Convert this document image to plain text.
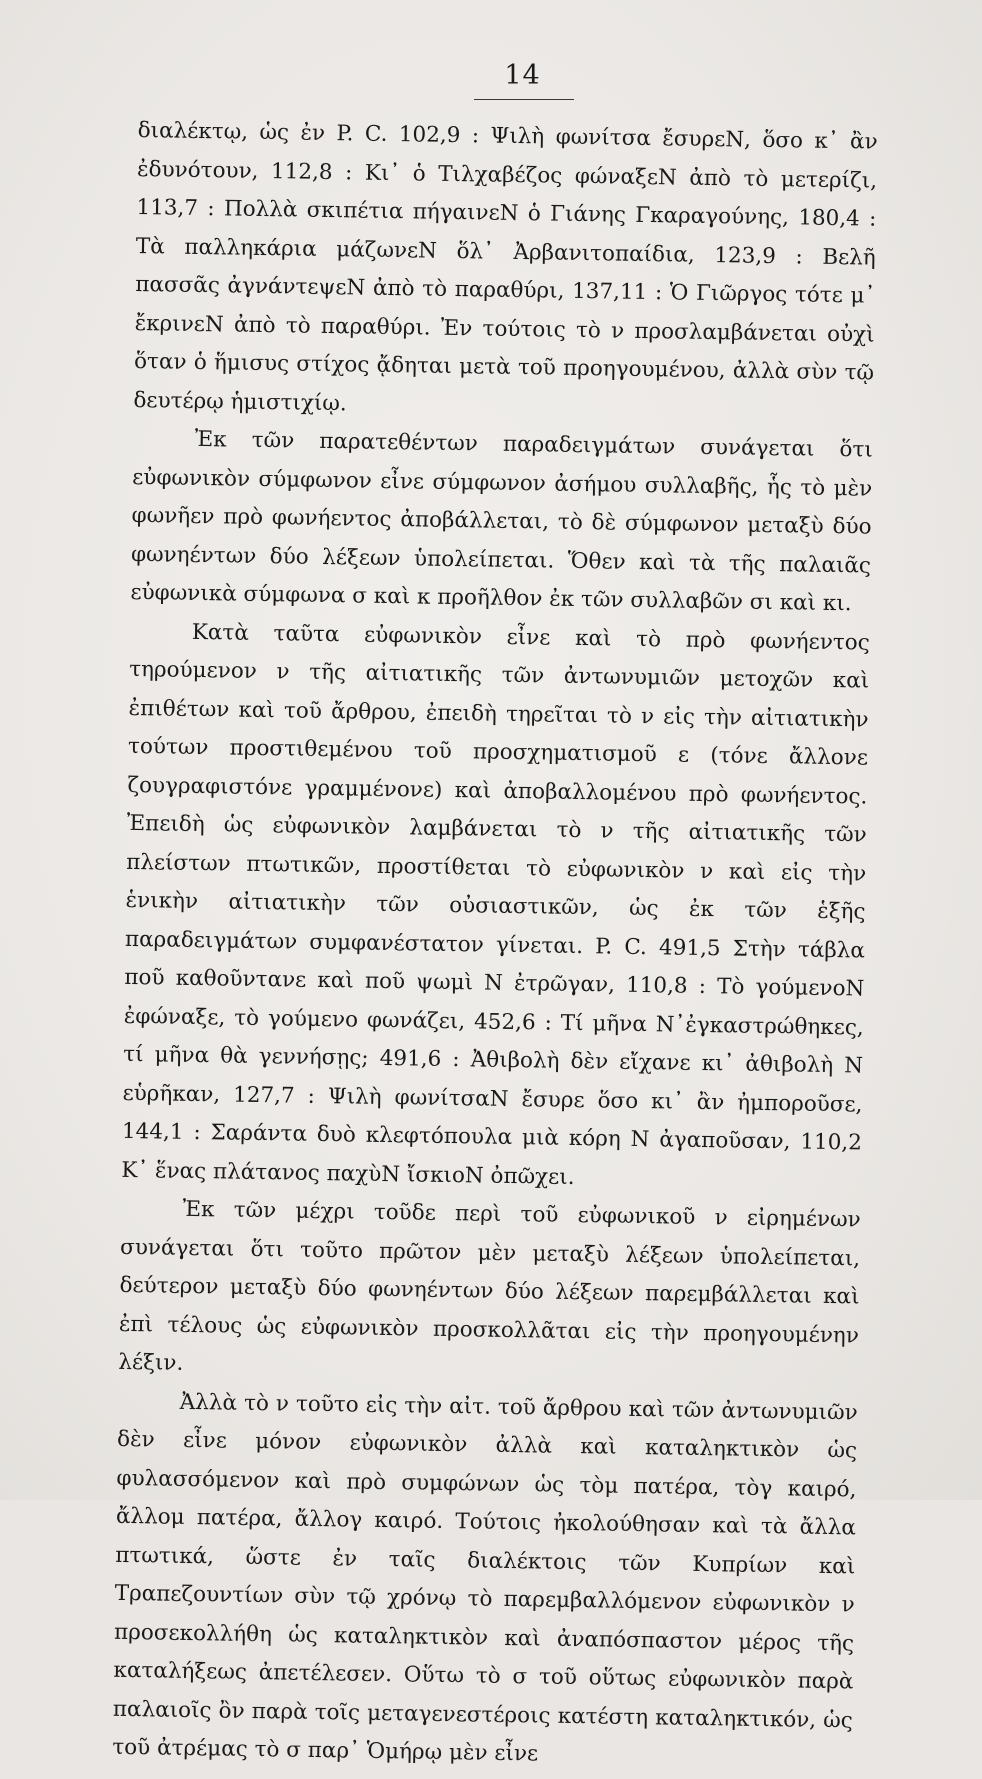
14

διαλέκτῳ, ὡς ἐν P. C. 102,9 : Ψιλὴ φωνίτσα ἔσυρεΝ, ὅσο κ᾽ ἂν ἐδυνότουν, 112,8 : Κι᾽ ὁ Τιλχαβέζος φώναξεΝ ἀπὸ τὸ μετερίζι, 113,7 : Πολλὰ σκιπέτια πήγαινεΝ ὁ Γιάνης Γκαραγούνης, 180,4 : Τὰ παλληκάρια μάζωνεΝ ὅλ᾽ Ἀρβανιτοπαίδια, 123,9 : Βελῆ πασσᾶς ἀγνάντεψεΝ ἀπὸ τὸ παραθύρι, 137,11 : Ὁ Γιῶργος τότε μ᾽ ἔκρινεΝ ἀπὸ τὸ παραθύρι. Ἐν τούτοις τὸ ν προσλαμβάνεται οὐχὶ ὅταν ὁ ἥμισυς στίχος ᾄδηται μετὰ τοῦ προηγουμένου, ἀλλὰ σὺν τῷ δευτέρῳ ἡμιστιχίῳ.

Ἐκ τῶν παρατεθέντων παραδειγμάτων συνάγεται ὅτι εὐφωνικὸν σύμφωνον εἶνε σύμφωνον ἀσήμου συλλαβῆς, ἧς τὸ μὲν φωνῆεν πρὸ φωνήεντος ἀποβάλλεται, τὸ δὲ σύμφωνον μεταξὺ δύο φωνηέντων δύο λέξεων ὑπολείπεται. Ὅθεν καὶ τὰ τῆς παλαιᾶς εὐφωνικὰ σύμφωνα σ καὶ κ προῆλθον ἐκ τῶν συλλαβῶν σι καὶ κι.

Κατὰ ταῦτα εὐφωνικὸν εἶνε καὶ τὸ πρὸ φωνήεντος τηρούμενον ν τῆς αἰτιατικῆς τῶν ἀντωνυμιῶν μετοχῶν καὶ ἐπιθέτων καὶ τοῦ ἄρθρου, ἐπειδὴ τηρεῖται τὸ ν εἰς τὴν αἰτιατικὴν τούτων προστιθεμένου τοῦ προσχηματισμοῦ ε (τόνε ἄλλονε ζουγραφιστόνε γραμμένονε) καὶ ἀποβαλλομένου πρὸ φωνήεντος. Ἐπειδὴ ὡς εὐφωνικὸν λαμβάνεται τὸ ν τῆς αἰτιατικῆς τῶν πλείστων πτωτικῶν, προστίθεται τὸ εὐφωνικὸν ν καὶ εἰς τὴν ἑνικὴν αἰτιατικὴν τῶν οὐσιαστικῶν, ὡς ἐκ τῶν ἑξῆς παραδειγμάτων συμφανέστατον γίνεται. P. C. 491,5 Στὴν τάβλα ποῦ καθοῦντανε καὶ ποῦ ψωμὶ Ν ἐτρῶγαν, 110,8 : Τὸ γούμενοΝ ἐφώναξε, τὸ γούμενο φωνάζει, 452,6 : Τί μῆνα Ν᾽ἐγκαστρώθηκες, τί μῆνα θὰ γεννήσῃς; 491,6 : Ἀθιβολὴ δὲν εἴχανε κι᾽ ἀθιβολὴ Ν εὑρῆκαν, 127,7 : Ψιλὴ φωνίτσαΝ ἔσυρε ὅσο κι᾽ ἂν ἠμποροῦσε, 144,1 : Σαράντα δυὸ κλεφτόπουλα μιὰ κόρη Ν ἀγαποῦσαν, 110,2 Κ᾽ ἕνας πλάτανος παχὺΝ ἴσκιοΝ ὀπῶχει.

Ἐκ τῶν μέχρι τοῦδε περὶ τοῦ εὐφωνικοῦ ν εἰρημένων συνάγεται ὅτι τοῦτο πρῶτον μὲν μεταξὺ λέξεων ὑπολείπεται, δεύτερον μεταξὺ δύο φωνηέντων δύο λέξεων παρεμβάλλεται καὶ ἐπὶ τέλους ὡς εὐφωνικὸν προσκολλᾶται εἰς τὴν προηγουμένην λέξιν.

Ἀλλὰ τὸ ν τοῦτο εἰς τὴν αἰτ. τοῦ ἄρθρου καὶ τῶν ἀντωνυμιῶν δὲν εἶνε μόνον εὐφωνικὸν ἀλλὰ καὶ καταληκτικὸν ὡς φυλασσόμενον καὶ πρὸ συμφώνων ὡς τὸμ πατέρα, τὸγ καιρό, ἄλλομ πατέρα, ἄλλογ καιρό. Τούτοις ἠκολούθησαν καὶ τὰ ἄλλα πτωτικά, ὥστε ἐν ταῖς διαλέκτοις τῶν Κυπρίων καὶ Τραπεζουντίων σὺν τῷ χρόνῳ τὸ παρεμβαλλόμενον εὐφωνικὸν ν προσεκολλήθη ὡς καταληκτικὸν καὶ ἀναπόσπαστον μέρος τῆς καταλήξεως ἀπετέλεσεν. Οὕτω τὸ σ τοῦ οὕτως εὐφωνικὸν παρὰ παλαιοῖς ὂν παρὰ τοῖς μεταγενεστέροις κατέστη καταληκτικόν, ὡς τοῦ ἀτρέμας τὸ σ παρ᾽ Ὁμήρῳ μὲν εἶνε
